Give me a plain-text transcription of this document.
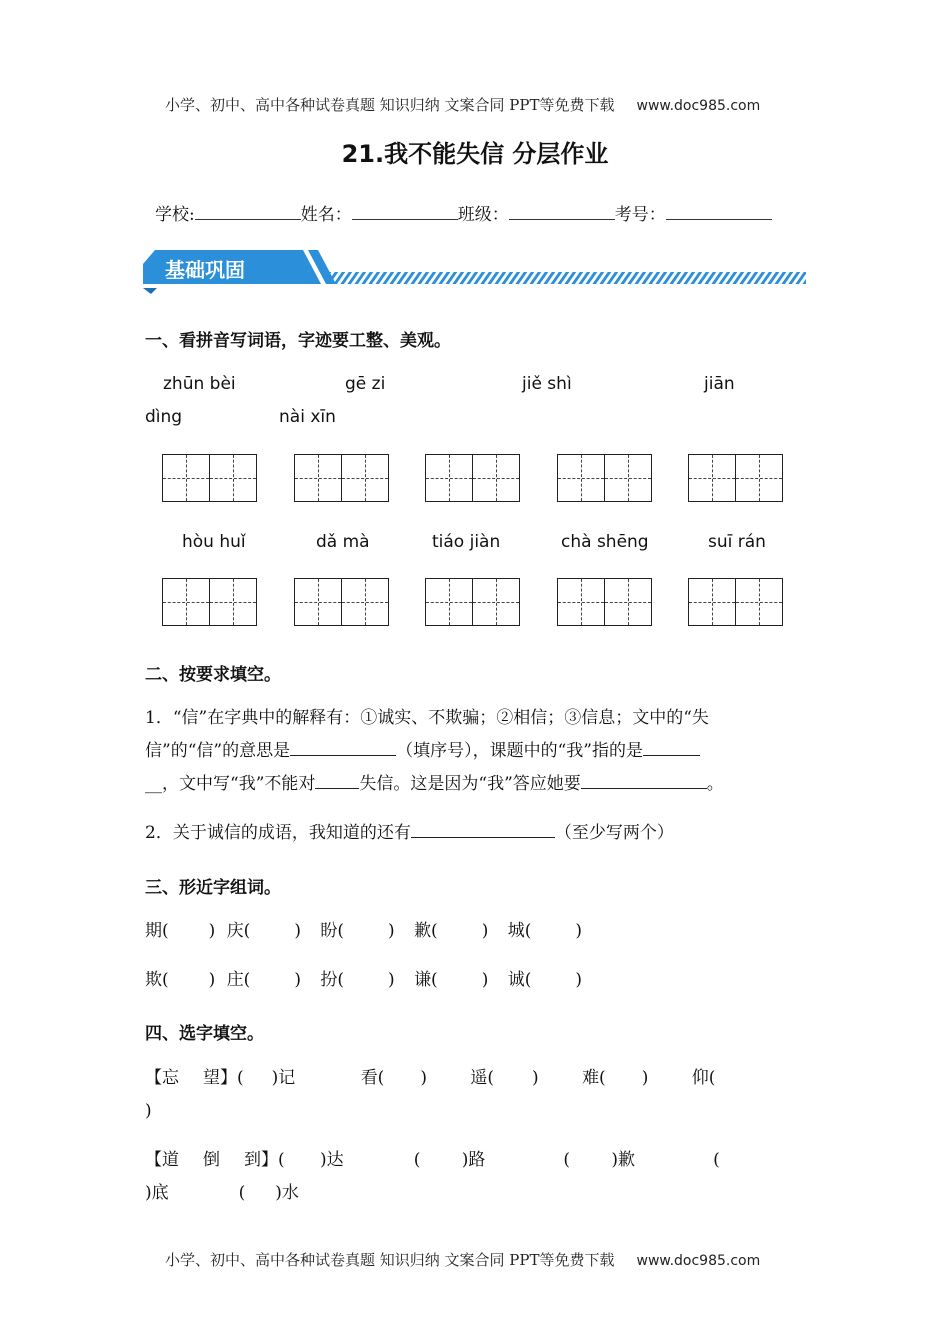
小学、初中、高中各种试卷真题 知识归纳 文案合同 PPT等免费下载 www.doc985.com
21.我不能失信 分层作业
学校:	姓名：	班级：	考号：
基础巩固
一、看拼音写词语，字迹要工整、美观。
zhūn bèi	gē zi	jiě shì	jiān
dìng	nài xīn
hòu huǐ	dǎ mà	tiáo jiàn	chà shēng	suī rán
二、按要求填空。
1．“信”在字典中的解释有：①诚实、不欺骗；②相信；③信息；文中的“失
信”的“信”的意思是	（填序号），课题中的“我”指的是
__，文中写“我”不能对	失信。这是因为“我”答应她要	。
2．关于诚信的成语，我知道的还有	（至少写两个）
三、形近字组词。
期( ) 庆(	) 盼(	) 歉(	) 城(	)
欺( ) 庄(	) 扮(	) 谦(	) 诚(	)
四、选字填空。
【忘 望】( )记	看( )	遥( )	难( )	仰(
)
【道 倒 到】( )达	( )路	( )歉	(
)底	( )水
小学、初中、高中各种试卷真题 知识归纳 文案合同 PPT等免费下载 www.doc985.com
